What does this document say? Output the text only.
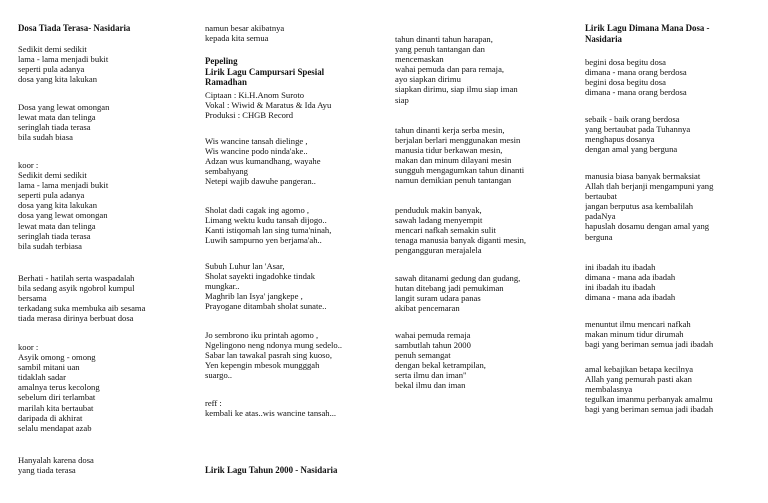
Dosa Tiada Terasa- Nasidaria
Sedikit demi sedikit
lama - lama menjadi bukit
seperti pula adanya
dosa yang kita lakukan
Dosa yang lewat omongan
lewat mata dan telinga
seringlah tiada terasa
bila sudah biasa
koor :
Sedikit demi sedikit
lama - lama menjadi bukit
seperti pula adanya
dosa yang kita lakukan
dosa yang lewat omongan
lewat mata dan telinga
seringlah tiada terasa
bila sudah terbiasa
Berhati - hatilah serta waspadalah
bila sedang asyik ngobrol kumpul
bersama
terkadang suka membuka aib sesama
tiada merasa dirinya berbuat dosa
koor :
Asyik omong - omong
sambil mitani uan
tidaklah sadar
amalnya terus kecolong
sebelum diri terlambat
marilah kita bertaubat
daripada di akhirat
selalu mendapat azab
Hanyalah karena dosa
yang tiada terasa
namun besar akibatnya
kepada kita semua
Pepeling
Lirik Lagu Campursari Spesial
Ramadhan
Ciptaan : Ki.H.Anom Suroto
Vokal : Wiwid & Maratus & Ida Ayu
Produksi : CHGB Record
Wis wancine tansah dielinge ,
Wis wancine podo ninda'ake..
Adzan wus kumandhang, wayahe
sembahyang
Netepi wajib dawuhe pangeran..
Sholat dadi cagak ing agomo ,
Limang wektu kudu tansah dijogo..
Kanti istiqomah lan sing tuma'ninah,
Luwih sampurno yen berjama'ah..
Subuh Luhur lan 'Asar,
Sholat sayekti ingadohke tindak
mungkar..
Maghrib lan Isya' jangkepe ,
Prayogane ditambah sholat sunate..
Jo sembrono iku printah agomo ,
Ngelingono neng ndonya mung sedelo..
Sabar lan tawakal pasrah sing kuoso,
Yen kepengin mbesok mungggah
suargo..
reff :
kembali ke atas..wis wancine tansah...
Lirik Lagu Tahun 2000 - Nasidaria
tahun dinanti tahun harapan,
yang penuh tantangan dan
mencemaskan
wahai pemuda dan para remaja,
ayo siapkan dirimu
siapkan dirimu, siap ilmu siap iman
siap
tahun dinanti kerja serba mesin,
berjalan berlari menggunakan mesin
manusia tidur berkawan mesin,
makan dan minum dilayani mesin
sungguh mengagumkan tahun dinanti
namun demikian penuh tantangan
penduduk makin banyak,
sawah ladang menyempit
mencari nafkah semakin sulit
tenaga manusia banyak diganti mesin,
pengangguran merajalela
sawah ditanami gedung dan gudang,
hutan ditebang jadi pemukiman
langit suram udara panas
akibat pencemaran
wahai pemuda remaja
sambutlah tahun 2000
penuh semangat
dengan bekal ketrampilan,
serta ilmu dan iman"
bekal ilmu dan iman
Lirik Lagu Dimana Mana Dosa -
Nasidaria
begini dosa begitu dosa
dimana - mana orang berdosa
begini dosa begitu dosa
dimana - mana orang berdosa
sebaik - baik orang berdosa
yang bertaubat pada Tuhannya
menghapus dosanya
dengan amal yang berguna
manusia biasa banyak bermaksiat
Allah tlah berjanji mengampuni yang
bertaubat
jangan berputus asa kembalilah
padaNya
hapuslah dosamu dengan amal yang
berguna
ini ibadah itu ibadah
dimana - mana ada ibadah
ini ibadah itu ibadah
dimana - mana ada ibadah
menuntut ilmu mencari nafkah
makan minum tidur dirumah
bagi yang beriman semua jadi ibadah
amal kebajikan betapa kecilnya
Allah yang pemurah pasti akan
membalasnya
tegulkan imanmu perbanyak amalmu
bagi yang beriman semua jadi ibadah
